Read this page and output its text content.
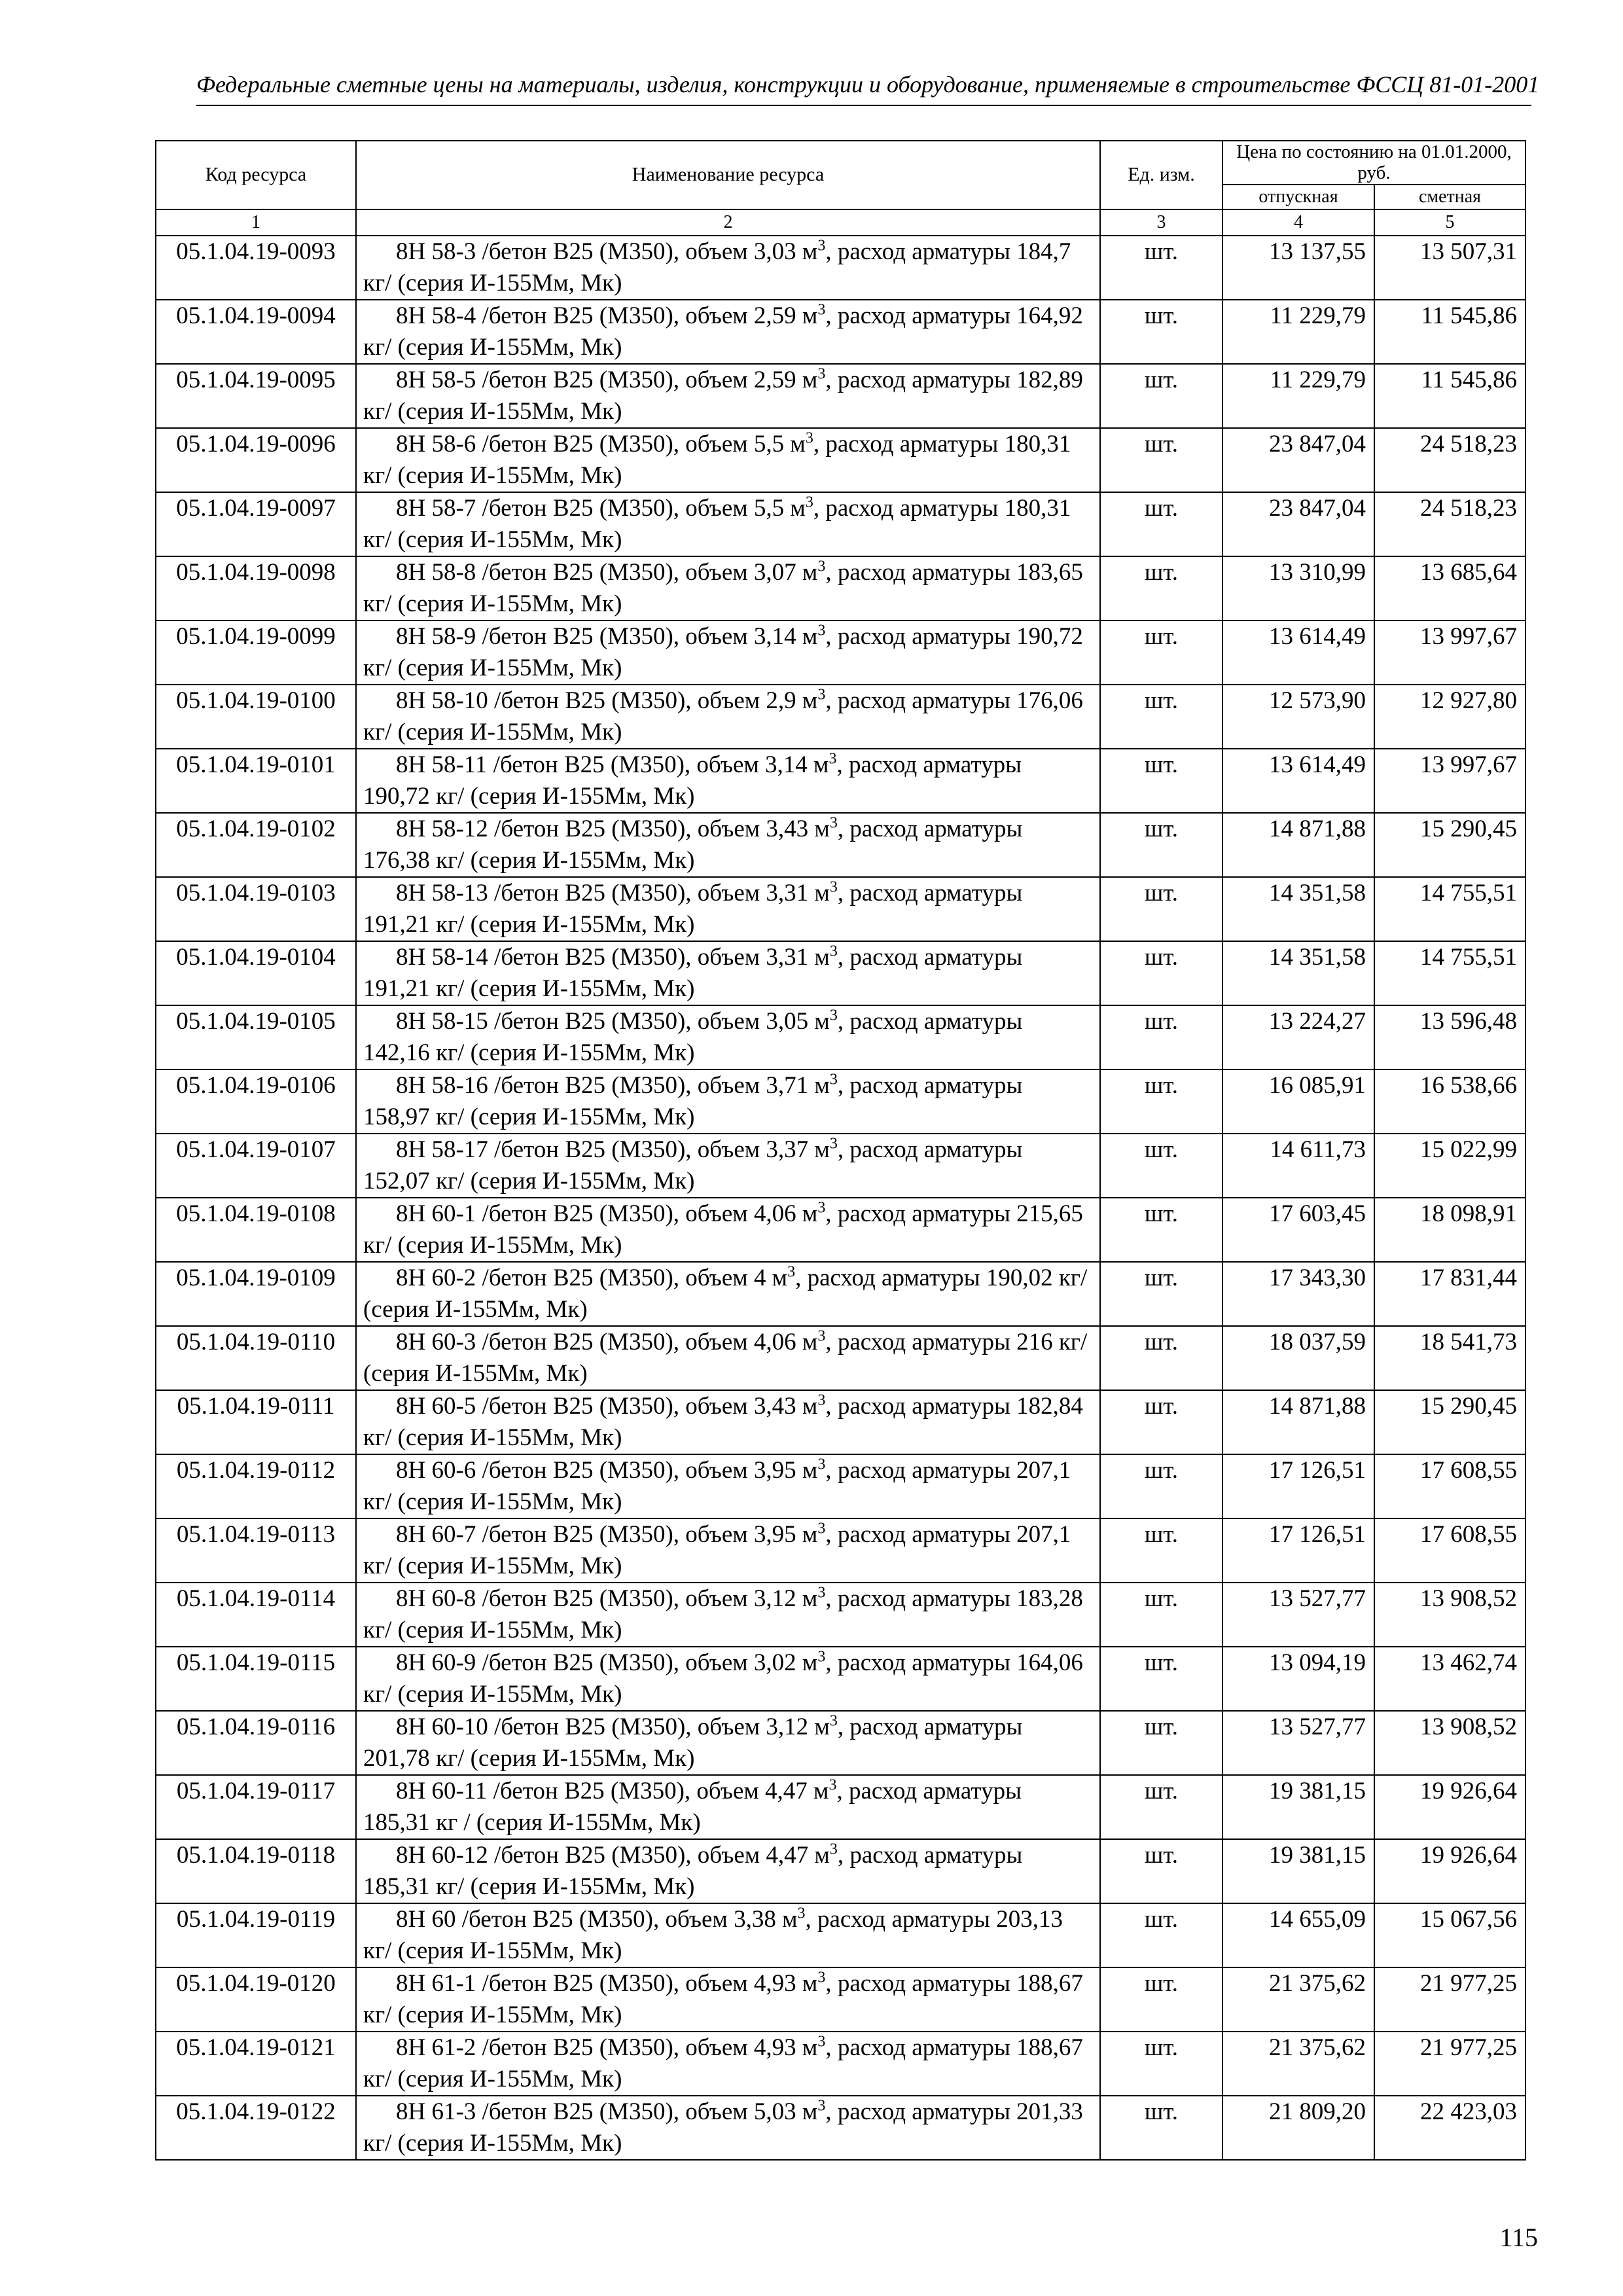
Федеральные сметные цены на материалы, изделия, конструкции и оборудование, применяемые в строительстве ФССЦ 81-01-2001
Код ресурса	Наименование ресурса	Ед. изм.	Цена по состоянию на 01.01.2000, руб.	
			отпускная	сметная
1	2	3	4	5
05.1.04.19-0093	8Н 58-3 /бетон В25 (М350), объем 3,03 $м^3$, расход арматуры 184,7 кг/ (серия И-155Мм, Мк)	шт.	13 137,55	13 507,31
05.1.04.19-0094	8Н 58-4 /бетон В25 (М350), объем 2,59 $м^3$, расход арматуры 164,92 кг/ (серия И-155Мм, Мк)	шт.	11 229,79	11 545,86
05.1.04.19-0095	8Н 58-5 /бетон В25 (М350), объем 2,59 $м^3$, расход арматуры 182,89 кг/ (серия И-155Мм, Мк)	шт.	11 229,79	11 545,86
05.1.04.19-0096	8Н 58-6 /бетон В25 (М350), объем 5,5 $м^3$, расход арматуры 180,31 кг/ (серия И-155Мм, Мк)	шт.	23 847,04	24 518,23
05.1.04.19-0097	8Н 58-7 /бетон В25 (М350), объем 5,5 $м^3$, расход арматуры 180,31 кг/ (серия И-155Мм, Мк)	шт.	23 847,04	24 518,23
05.1.04.19-0098	8Н 58-8 /бетон В25 (М350), объем 3,07 $м^3$, расход арматуры 183,65 кг/ (серия И-155Мм, Мк)	шт.	13 310,99	13 685,64
05.1.04.19-0099	8Н 58-9 /бетон В25 (М350), объем 3,14 $м^3$, расход арматуры 190,72 кг/ (серия И-155Мм, Мк)	шт.	13 614,49	13 997,67
05.1.04.19-0100	8Н 58-10 /бетон В25 (М350), объем 2,9 $м^3$, расход арматуры 176,06 кг/ (серия И-155Мм, Мк)	шт.	12 573,90	12 927,80
05.1.04.19-0101	8Н 58-11 /бетон В25 (М350), объем 3,14 $м^3$, расход арматуры 190,72 кг/ (серия И-155Мм, Мк)	шт.	13 614,49	13 997,67
05.1.04.19-0102	8Н 58-12 /бетон В25 (М350), объем 3,43 $м^3$, расход арматуры 176,38 кг/ (серия И-155Мм, Мк)	шт.	14 871,88	15 290,45
05.1.04.19-0103	8Н 58-13 /бетон В25 (М350), объем 3,31 $м^3$, расход арматуры 191,21 кг/ (серия И-155Мм, Мк)	шт.	14 351,58	14 755,51
05.1.04.19-0104	8Н 58-14 /бетон В25 (М350), объем 3,31 $м^3$, расход арматуры 191,21 кг/ (серия И-155Мм, Мк)	шт.	14 351,58	14 755,51
05.1.04.19-0105	8Н 58-15 /бетон В25 (М350), объем 3,05 $м^3$, расход арматуры 142,16 кг/ (серия И-155Мм, Мк)	шт.	13 224,27	13 596,48
05.1.04.19-0106	8Н 58-16 /бетон В25 (М350), объем 3,71 $м^3$, расход арматуры 158,97 кг/ (серия И-155Мм, Мк)	шт.	16 085,91	16 538,66
05.1.04.19-0107	8Н 58-17 /бетон В25 (М350), объем 3,37 $м^3$, расход арматуры 152,07 кг/ (серия И-155Мм, Мк)	шт.	14 611,73	15 022,99
05.1.04.19-0108	8Н 60-1 /бетон В25 (М350), объем 4,06 $м^3$, расход арматуры 215,65 кг/ (серия И-155Мм, Мк)	шт.	17 603,45	18 098,91
05.1.04.19-0109	8Н 60-2 /бетон В25 (М350), объем 4 $м^3$, расход арматуры 190,02 кг/ (серия И-155Мм, Мк)	шт.	17 343,30	17 831,44
05.1.04.19-0110	8Н 60-3 /бетон В25 (М350), объем 4,06 $м^3$, расход арматуры 216 кг/ (серия И-155Мм, Мк)	шт.	18 037,59	18 541,73
05.1.04.19-0111	8Н 60-5 /бетон В25 (М350), объем 3,43 $м^3$, расход арматуры 182,84 кг/ (серия И-155Мм, Мк)	шт.	14 871,88	15 290,45
05.1.04.19-0112	8Н 60-6 /бетон В25 (М350), объем 3,95 $м^3$, расход арматуры 207,1 кг/ (серия И-155Мм, Мк)	шт.	17 126,51	17 608,55
05.1.04.19-0113	8Н 60-7 /бетон В25 (М350), объем 3,95 $м^3$, расход арматуры 207,1 кг/ (серия И-155Мм, Мк)	шт.	17 126,51	17 608,55
05.1.04.19-0114	8Н 60-8 /бетон В25 (М350), объем 3,12 $м^3$, расход арматуры 183,28 кг/ (серия И-155Мм, Мк)	шт.	13 527,77	13 908,52
05.1.04.19-0115	8Н 60-9 /бетон В25 (М350), объем 3,02 $м^3$, расход арматуры 164,06 кг/ (серия И-155Мм, Мк)	шт.	13 094,19	13 462,74
05.1.04.19-0116	8Н 60-10 /бетон В25 (М350), объем 3,12 $м^3$, расход арматуры 201,78 кг/ (серия И-155Мм, Мк)	шт.	13 527,77	13 908,52
05.1.04.19-0117	8Н 60-11 /бетон В25 (М350), объем 4,47 $м^3$, расход арматуры 185,31 кг / (серия И-155Мм, Мк)	шт.	19 381,15	19 926,64
05.1.04.19-0118	8Н 60-12 /бетон В25 (М350), объем 4,47 $м^3$, расход арматуры 185,31 кг/ (серия И-155Мм, Мк)	шт.	19 381,15	19 926,64
05.1.04.19-0119	8Н 60 /бетон В25 (М350), объем 3,38 $м^3$, расход арматуры 203,13 кг/ (серия И-155Мм, Мк)	шт.	14 655,09	15 067,56
05.1.04.19-0120	8Н 61-1 /бетон В25 (М350), объем 4,93 $м^3$, расход арматуры 188,67 кг/ (серия И-155Мм, Мк)	шт.	21 375,62	21 977,25
05.1.04.19-0121	8Н 61-2 /бетон В25 (М350), объем 4,93 $м^3$, расход арматуры 188,67 кг/ (серия И-155Мм, Мк)	шт.	21 375,62	21 977,25
05.1.04.19-0122	8Н 61-3 /бетон В25 (М350), объем 5,03 $м^3$, расход арматуры 201,33 кг/ (серия И-155Мм, Мк)	шт.	21 809,20	22 423,03
115
